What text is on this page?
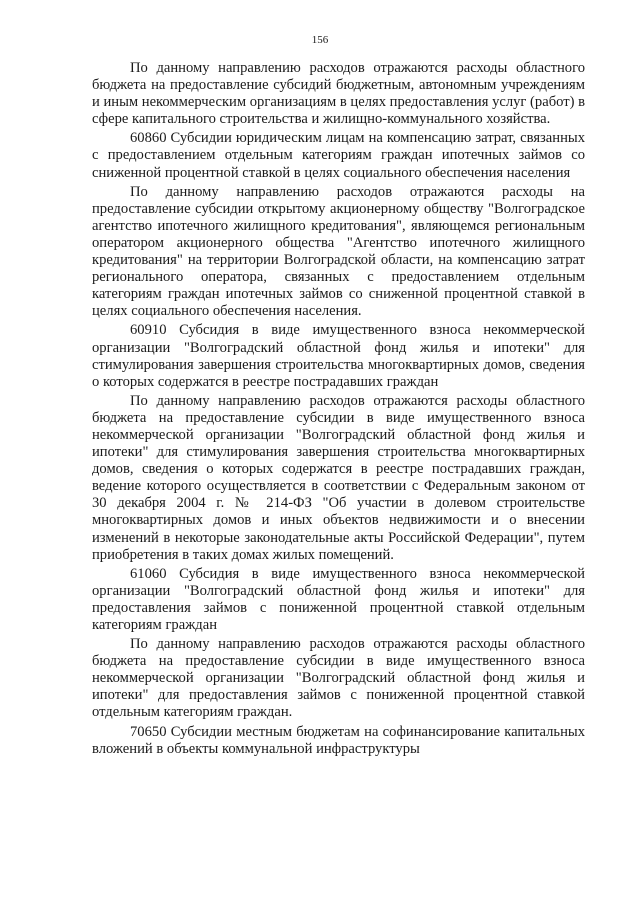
156

По данному направлению расходов отражаются расходы областного бюджета на предоставление субсидий бюджетным, автономным учреждениям и иным некоммерческим организациям в целях предоставления услуг (работ) в сфере капитального строительства и жилищно-коммунального хозяйства.

60860 Субсидии юридическим лицам на компенсацию затрат, связанных с предоставлением отдельным категориям граждан ипотечных займов со сниженной процентной ставкой в целях социального обеспечения населения

По данному направлению расходов отражаются расходы на предоставление субсидии открытому акционерному обществу "Волгоградское агентство ипотечного жилищного кредитования", являющемся региональным оператором акционерного общества "Агентство ипотечного жилищного кредитования" на территории Волгоградской области, на компенсацию затрат регионального оператора, связанных с предоставлением отдельным категориям граждан ипотечных займов со сниженной процентной ставкой в целях социального обеспечения населения.

60910 Субсидия в виде имущественного взноса некоммерческой организации "Волгоградский областной фонд жилья и ипотеки" для стимулирования завершения строительства многоквартирных домов, сведения о которых содержатся в реестре пострадавших граждан

По данному направлению расходов отражаются расходы областного бюджета на предоставление субсидии в виде имущественного взноса некоммерческой организации "Волгоградский областной фонд жилья и ипотеки" для стимулирования завершения строительства многоквартирных домов, сведения о которых содержатся в реестре пострадавших граждан, ведение которого осуществляется в соответствии с Федеральным законом от 30 декабря 2004 г. № 214-ФЗ "Об участии в долевом строительстве многоквартирных домов и иных объектов недвижимости и о внесении изменений в некоторые законодательные акты Российской Федерации", путем приобретения в таких домах жилых помещений.

61060 Субсидия в виде имущественного взноса некоммерческой организации "Волгоградский областной фонд жилья и ипотеки" для предоставления займов с пониженной процентной ставкой отдельным категориям граждан

По данному направлению расходов отражаются расходы областного бюджета на предоставление субсидии в виде имущественного взноса некоммерческой организации "Волгоградский областной фонд жилья и ипотеки" для предоставления займов с пониженной процентной ставкой отдельным категориям граждан.

70650 Субсидии местным бюджетам на софинансирование капитальных вложений в объекты коммунальной инфраструктуры
